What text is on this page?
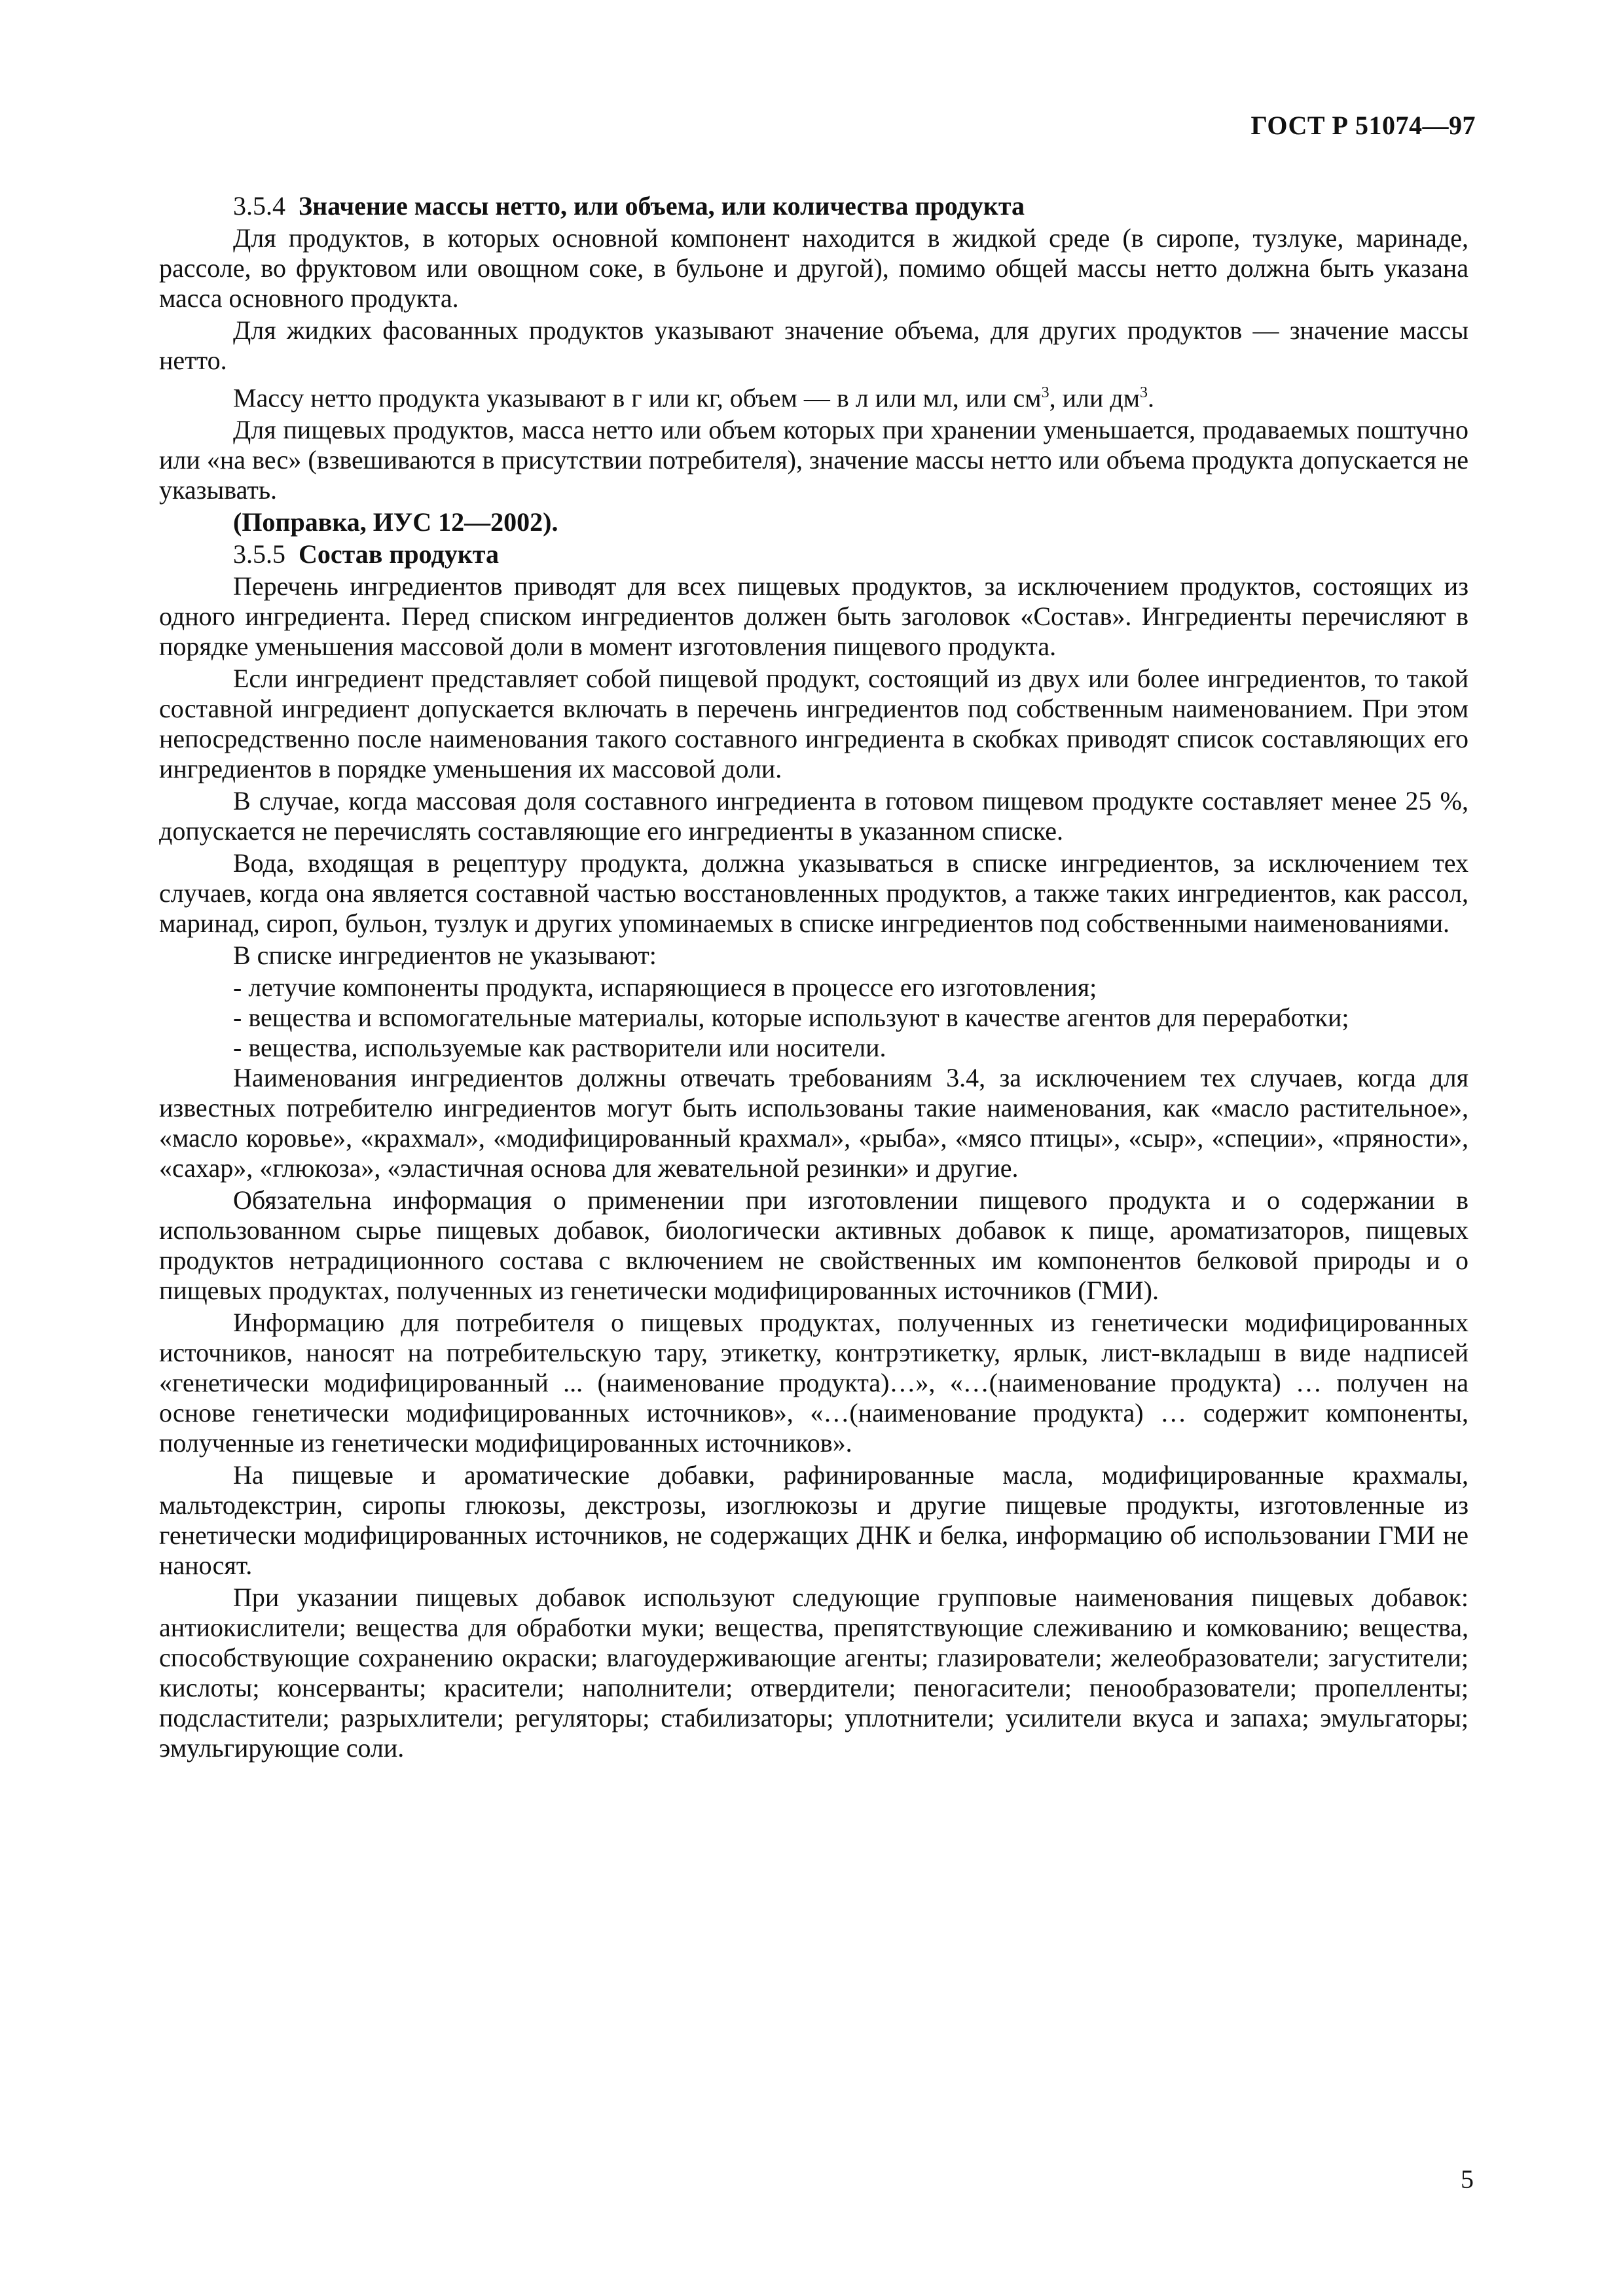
ГОСТ Р 51074—97

3.5.4 Значение массы нетто, или объема, или количества продукта

Для продуктов, в которых основной компонент находится в жидкой среде (в сиропе, тузлуке, маринаде, рассоле, во фруктовом или овощном соке, в бульоне и другой), помимо общей массы нетто должна быть указана масса основного продукта.

Для жидких фасованных продуктов указывают значение объема, для других продуктов — значение массы нетто.

Массу нетто продукта указывают в г или кг, объем — в л или мл, или $см^3$, или $дм^3$.

Для пищевых продуктов, масса нетто или объем которых при хранении уменьшается, продаваемых поштучно или «на вес» (взвешиваются в присутствии потребителя), значение массы нетто или объема продукта допускается не указывать.

(Поправка, ИУС 12—2002).

3.5.5 Состав продукта

Перечень ингредиентов приводят для всех пищевых продуктов, за исключением продуктов, состоящих из одного ингредиента. Перед списком ингредиентов должен быть заголовок «Состав». Ингредиенты перечисляют в порядке уменьшения массовой доли в момент изготовления пищевого продукта.

Если ингредиент представляет собой пищевой продукт, состоящий из двух или более ингредиентов, то такой составной ингредиент допускается включать в перечень ингредиентов под собственным наименованием. При этом непосредственно после наименования такого составного ингредиента в скобках приводят список составляющих его ингредиентов в порядке уменьшения их массовой доли.

В случае, когда массовая доля составного ингредиента в готовом пищевом продукте составляет менее 25 %, допускается не перечислять составляющие его ингредиенты в указанном списке.

Вода, входящая в рецептуру продукта, должна указываться в списке ингредиентов, за исключением тех случаев, когда она является составной частью восстановленных продуктов, а также таких ингредиентов, как рассол, маринад, сироп, бульон, тузлук и других упоминаемых в списке ингредиентов под собственными наименованиями.

В списке ингредиентов не указывают:

- летучие компоненты продукта, испаряющиеся в процессе его изготовления;

- вещества и вспомогательные материалы, которые используют в качестве агентов для переработки;

- вещества, используемые как растворители или носители.

Наименования ингредиентов должны отвечать требованиям 3.4, за исключением тех случаев, когда для известных потребителю ингредиентов могут быть использованы такие наименования, как «масло растительное», «масло коровье», «крахмал», «модифицированный крахмал», «рыба», «мясо птицы», «сыр», «специи», «пряности», «сахар», «глюкоза», «эластичная основа для жевательной резинки» и другие.

Обязательна информация о применении при изготовлении пищевого продукта и о содержании в использованном сырье пищевых добавок, биологически активных добавок к пище, ароматизаторов, пищевых продуктов нетрадиционного состава с включением не свойственных им компонентов белковой природы и о пищевых продуктах, полученных из генетически модифицированных источников (ГМИ).

Информацию для потребителя о пищевых продуктах, полученных из генетически модифицированных источников, наносят на потребительскую тару, этикетку, контрэтикетку, ярлык, лист-вкладыш в виде надписей «генетически модифицированный ... (наименование продукта)…», «…(наименование продукта) … получен на основе генетически модифицированных источников», «…(наименование продукта) … содержит компоненты, полученные из генетически модифицированных источников».

На пищевые и ароматические добавки, рафинированные масла, модифицированные крахмалы, мальтодекстрин, сиропы глюкозы, декстрозы, изоглюкозы и другие пищевые продукты, изготовленные из генетически модифицированных источников, не содержащих ДНК и белка, информацию об использовании ГМИ не наносят.

При указании пищевых добавок используют следующие групповые наименования пищевых добавок: антиокислители; вещества для обработки муки; вещества, препятствующие слеживанию и комкованию; вещества, способствующие сохранению окраски; влагоудерживающие агенты; глазирователи; желеобразователи; загустители; кислоты; консерванты; красители; наполнители; отвердители; пеногасители; пенообразователи; пропелленты; подсластители; разрыхлители; регуляторы; стабилизаторы; уплотнители; усилители вкуса и запаха; эмульгаторы; эмульгирующие соли.

5
